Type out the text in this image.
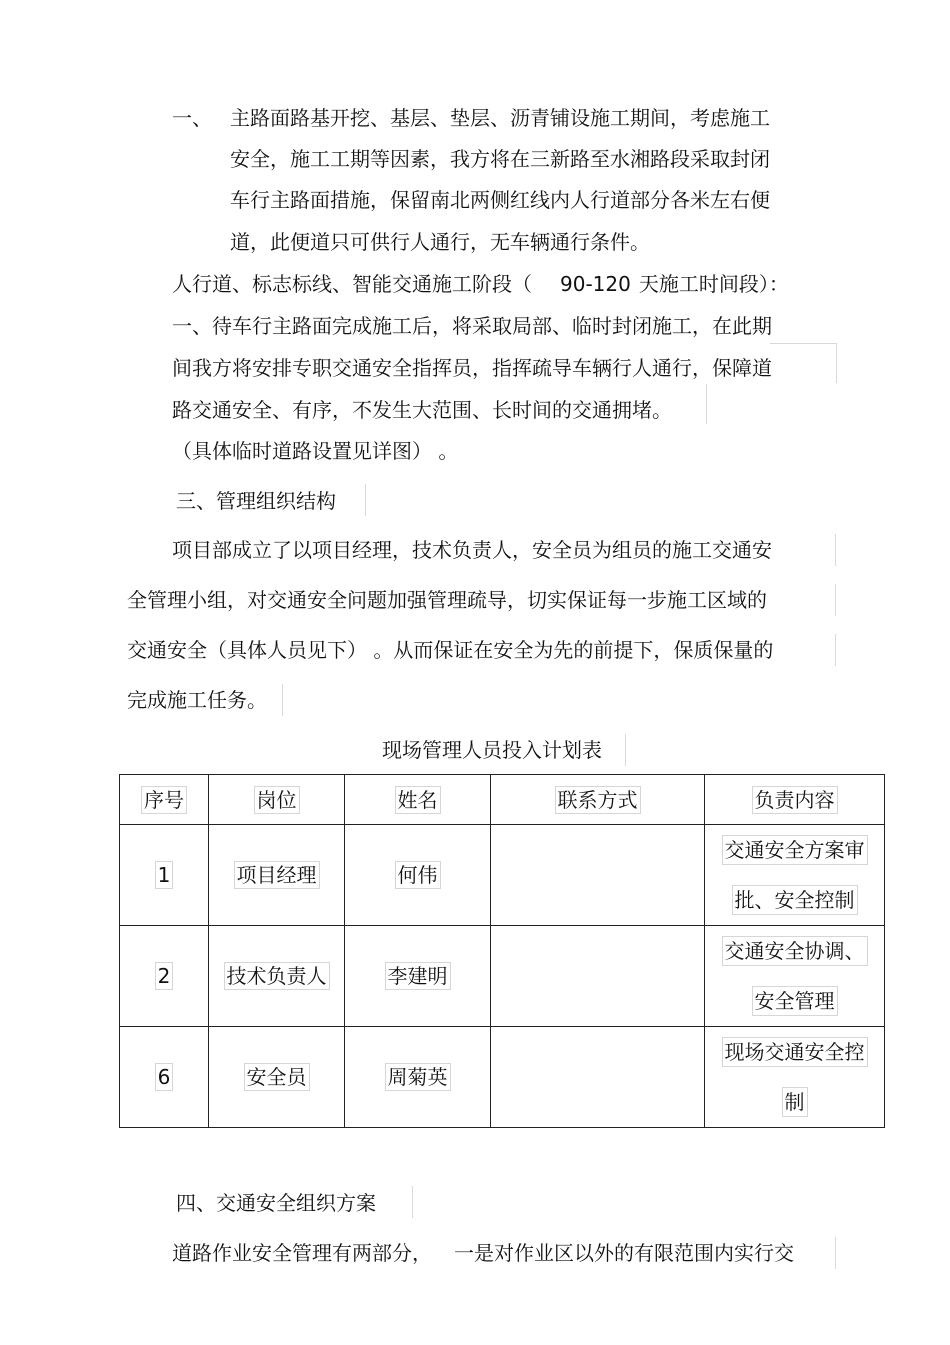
一、 主路面路基开挖、基层、垫层、沥青铺设施工期间，考虑施工
安全，施工工期等因素，我方将在三新路至水湘路段采取封闭
车行主路面措施，保留南北两侧红线内人行道部分各米左右便
道，此便道只可供行人通行，无车辆通行条件。
人行道、标志标线、智能交通施工阶段（ 90-120 天施工时间段）：
一、待车行主路面完成施工后，将采取局部、临时封闭施工，在此期
间我方将安排专职交通安全指挥员，指挥疏导车辆行人通行，保障道
路交通安全、有序，不发生大范围、长时间的交通拥堵。
（具体临时道路设置见详图） 。
三、管理组织结构
项目部成立了以项目经理，技术负责人，安全员为组员的施工交通安
全管理小组，对交通安全问题加强管理疏导，切实保证每一步施工区域的
交通安全（具体人员见下） 。从而保证在安全为先的前提下，保质保量的
完成施工任务。
现场管理人员投入计划表
序号	岗位	姓名	联系方式	负责内容
1	项目经理	何伟		交通安全方案审
批、安全控制
2	技术负责人	李建明		交通安全协调、
安全管理
6	安全员	周菊英		现场交通安全控
制
四、交通安全组织方案
道路作业安全管理有两部分， 一是对作业区以外的有限范围内实行交
